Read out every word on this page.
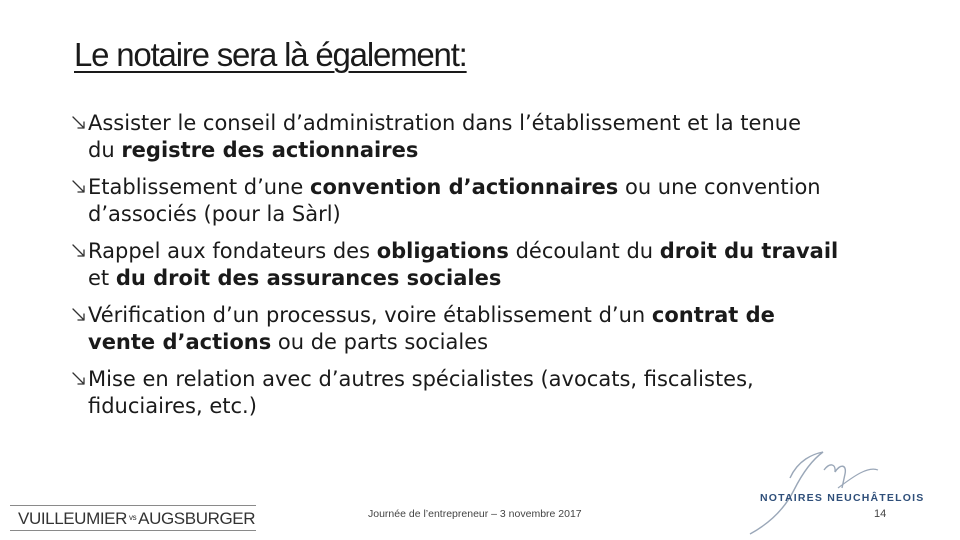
Le notaire sera là également:
Assister le conseil d’administration dans l’établissement et la tenue
du registre des actionnaires
Etablissement d’une convention d’actionnaires ou une convention
d’associés (pour la Sàrl)
Rappel aux fondateurs des obligations découlant du droit du travail
et du droit des assurances sociales
Vérification d’un processus, voire établissement d’un contrat de
vente d’actions ou de parts sociales
Mise en relation avec d’autres spécialistes (avocats, fiscalistes,
fiduciaires, etc.)
VUILLEUMIER $^{vs}$ AUGSBURGER	Journée de l’entrepreneur – 3 novembre 2017
NOTAIRES NEUCHÂTELOIS
14
